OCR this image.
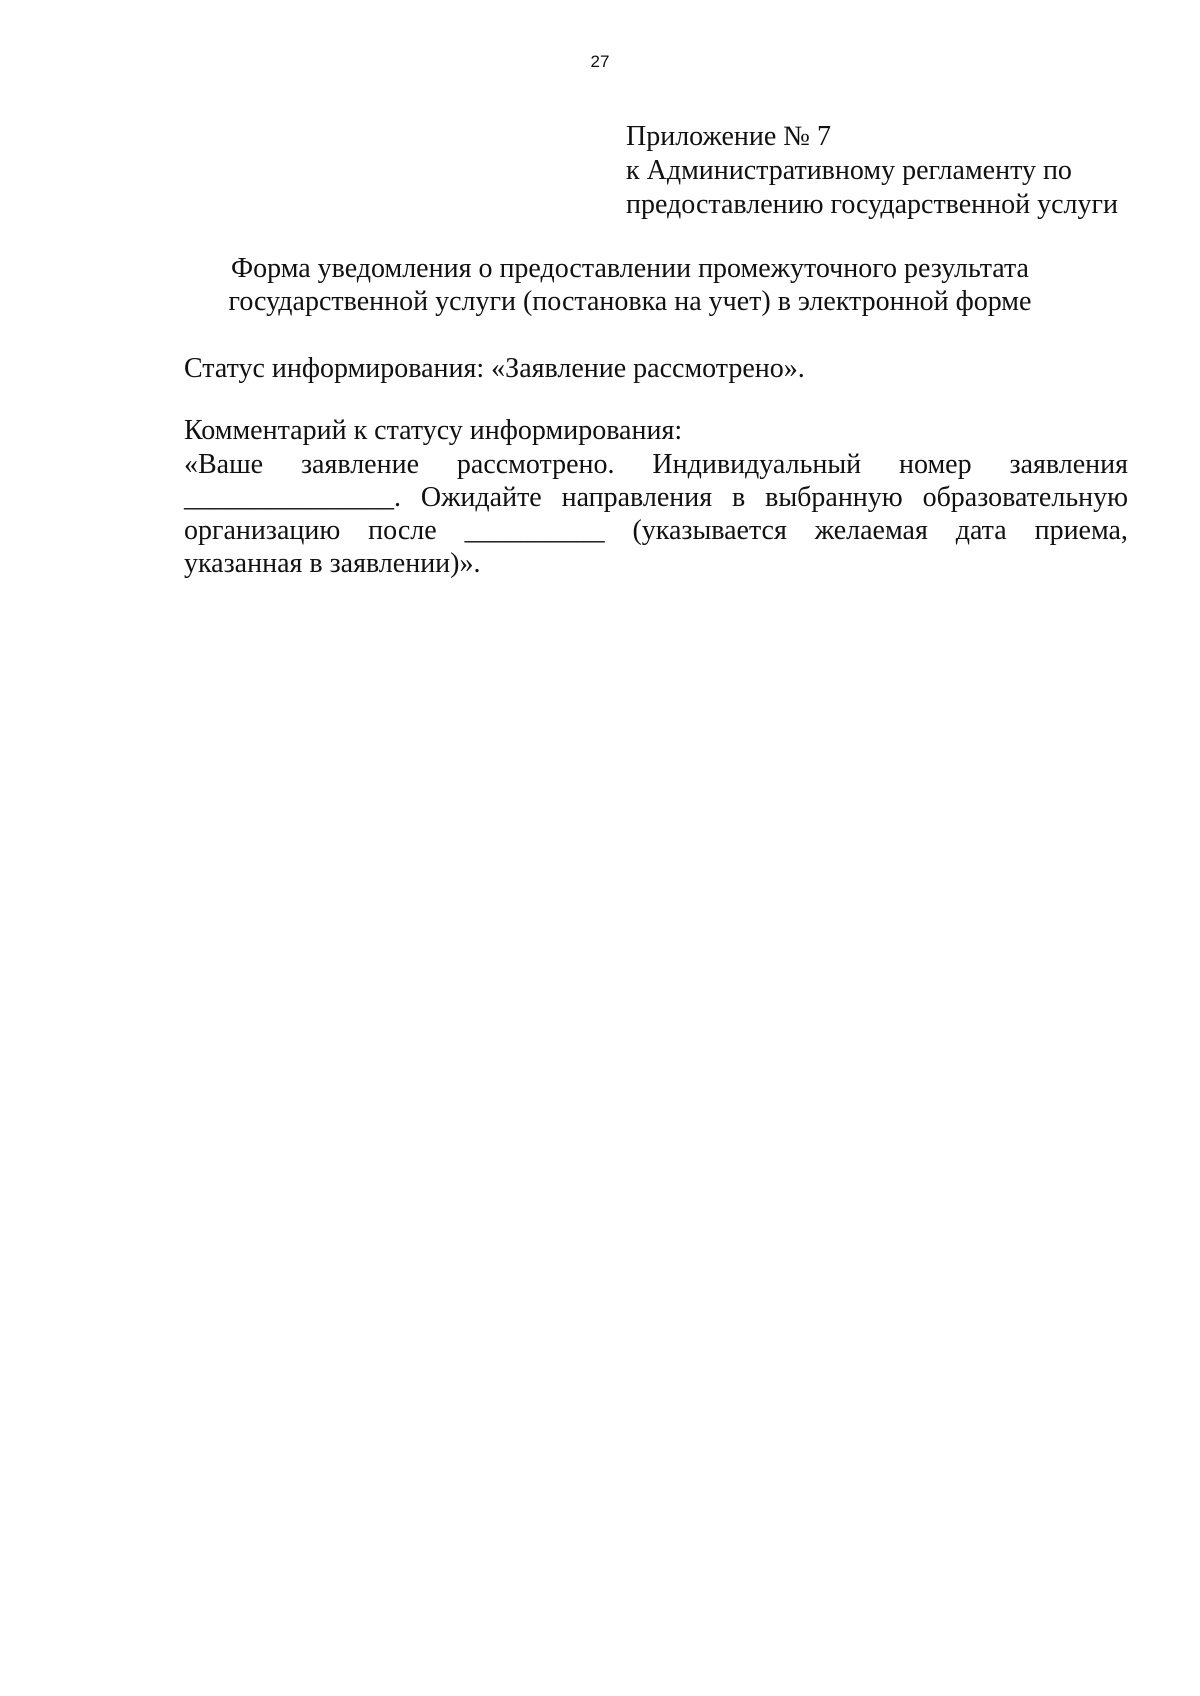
27
Приложение № 7
к Административному регламенту по
предоставлению государственной услуги
Форма уведомления о предоставлении промежуточного результата
государственной услуги (постановка на учет) в электронной форме
Статус информирования: «Заявление рассмотрено».
Комментарий к статусу информирования:
«Ваше заявление рассмотрено. Индивидуальный номер заявления
_______________. Ожидайте направления в выбранную образовательную
организацию после __________ (указывается желаемая дата приема,
указанная в заявлении)».
